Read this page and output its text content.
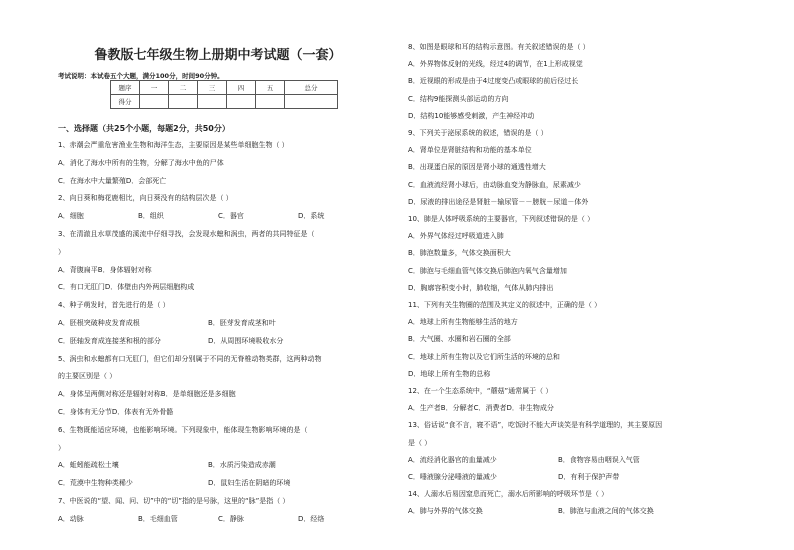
鲁教版七年级生物上册期中考试题（一套）
考试说明：本试卷五个大题，满分100分，时间90分钟。
题序	一	二	三	四	五	总分
得分						
一、选择题（共25个小题，每题2分，共50分）
1、赤潮会严重危害渔业生物和海洋生态，主要原因是某些单细胞生物（ ）
A．消化了海水中所有的生物，分解了海水中鱼的尸体
C．在海水中大量繁殖D．会部死亡
2、向日葵和梅花鹿相比，向日葵没有的结构层次是（ ）
A．细胞	B．组织	C．器官	D．系统
3、在清澈且水草茂盛的溪流中仔细寻找，会发现水螅和涡虫，两者的共同特征是（
）
A．背腹扁平B．身体辐射对称
C．有口无肛门D．体壁由内外两层细胞构成
4、种子萌发时，首先进行的是（ ）
A．胚根突破种皮发育成根	B．胚芽发育成茎和叶
C．胚轴发育成连接茎和根的部分	D．从周围环境吸收水分
5、涡虫和水螅都有口无肛门，但它们却分别属于不同的无脊椎动物类群，这两种动物
的主要区别是（ ）
A．身体呈两侧对称还是辐射对称B．是单细胞还是多细胞
C．身体有无分节D．体表有无外骨骼
6、生物既能适应环境，也能影响环境。下列现象中，能体现生物影响环境的是（
）
A．蚯蚓能疏松土壤	B．水质污染造成赤潮
C．荒漠中生物种类稀少	D．鼠妇生活在阴暗的环境
7、中医说的“望、闻、问、切”中的“切”指的是号脉，这里的“脉”是指（ ）
A．动脉	B．毛细血管	C．静脉	D．经络
8、如图是眼球和耳的结构示意图。有关叙述错误的是（ ）
A．外界物体反射的光线，经过4的调节，在1上形成视觉
B．近视眼的形成是由于4过度变凸或眼球的前后径过长
C．结构9能探测头部运动的方向
D．结构10能够感受刺激，产生神经冲动
9、下列关于泌尿系统的叙述，错误的是（ ）
A．肾单位是肾脏结构和功能的基本单位
B．出现蛋白尿的原因是肾小球的通透性增大
C．血液流经肾小球后，由动脉血变为静脉血，尿素减少
D．尿液的排出途径是肾脏－输尿管－－膀胱－尿道－体外
10、肺是人体呼吸系统的主要器官，下列叙述错误的是（ ）
A．外界气体经过呼吸道进入肺
B．肺泡数量多，气体交换面积大
C．肺泡与毛细血管气体交换后肺泡内氧气含量增加
D．胸廓容积变小时，肺收缩，气体从肺内排出
11、下列有关生物圈的范围及其定义的叙述中，正确的是（ ）
A．地球上所有生物能够生活的地方
B．大气圈、水圈和岩石圈的全部
C．地球上所有生物以及它们所生活的环境的总和
D．地球上所有生物的总称
12、在一个生态系统中，“蘑菇”通常属于（ ）
A．生产者B．分解者C．消费者D．非生物成分
13、俗话说“食不言，寝不语”，吃饭时不能大声谈笑是有科学道理的，其主要原因
是（ ）
A．流经消化器官的血量减少	B．食物容易由咽误入气管
C．唾液腺分泌唾液的量减少	D．有利于保护声带
14、人溺水后易因窒息而死亡，溺水后所影响的呼吸环节是（ ）
A．肺与外界的气体交换	B．肺泡与血液之间的气体交换
